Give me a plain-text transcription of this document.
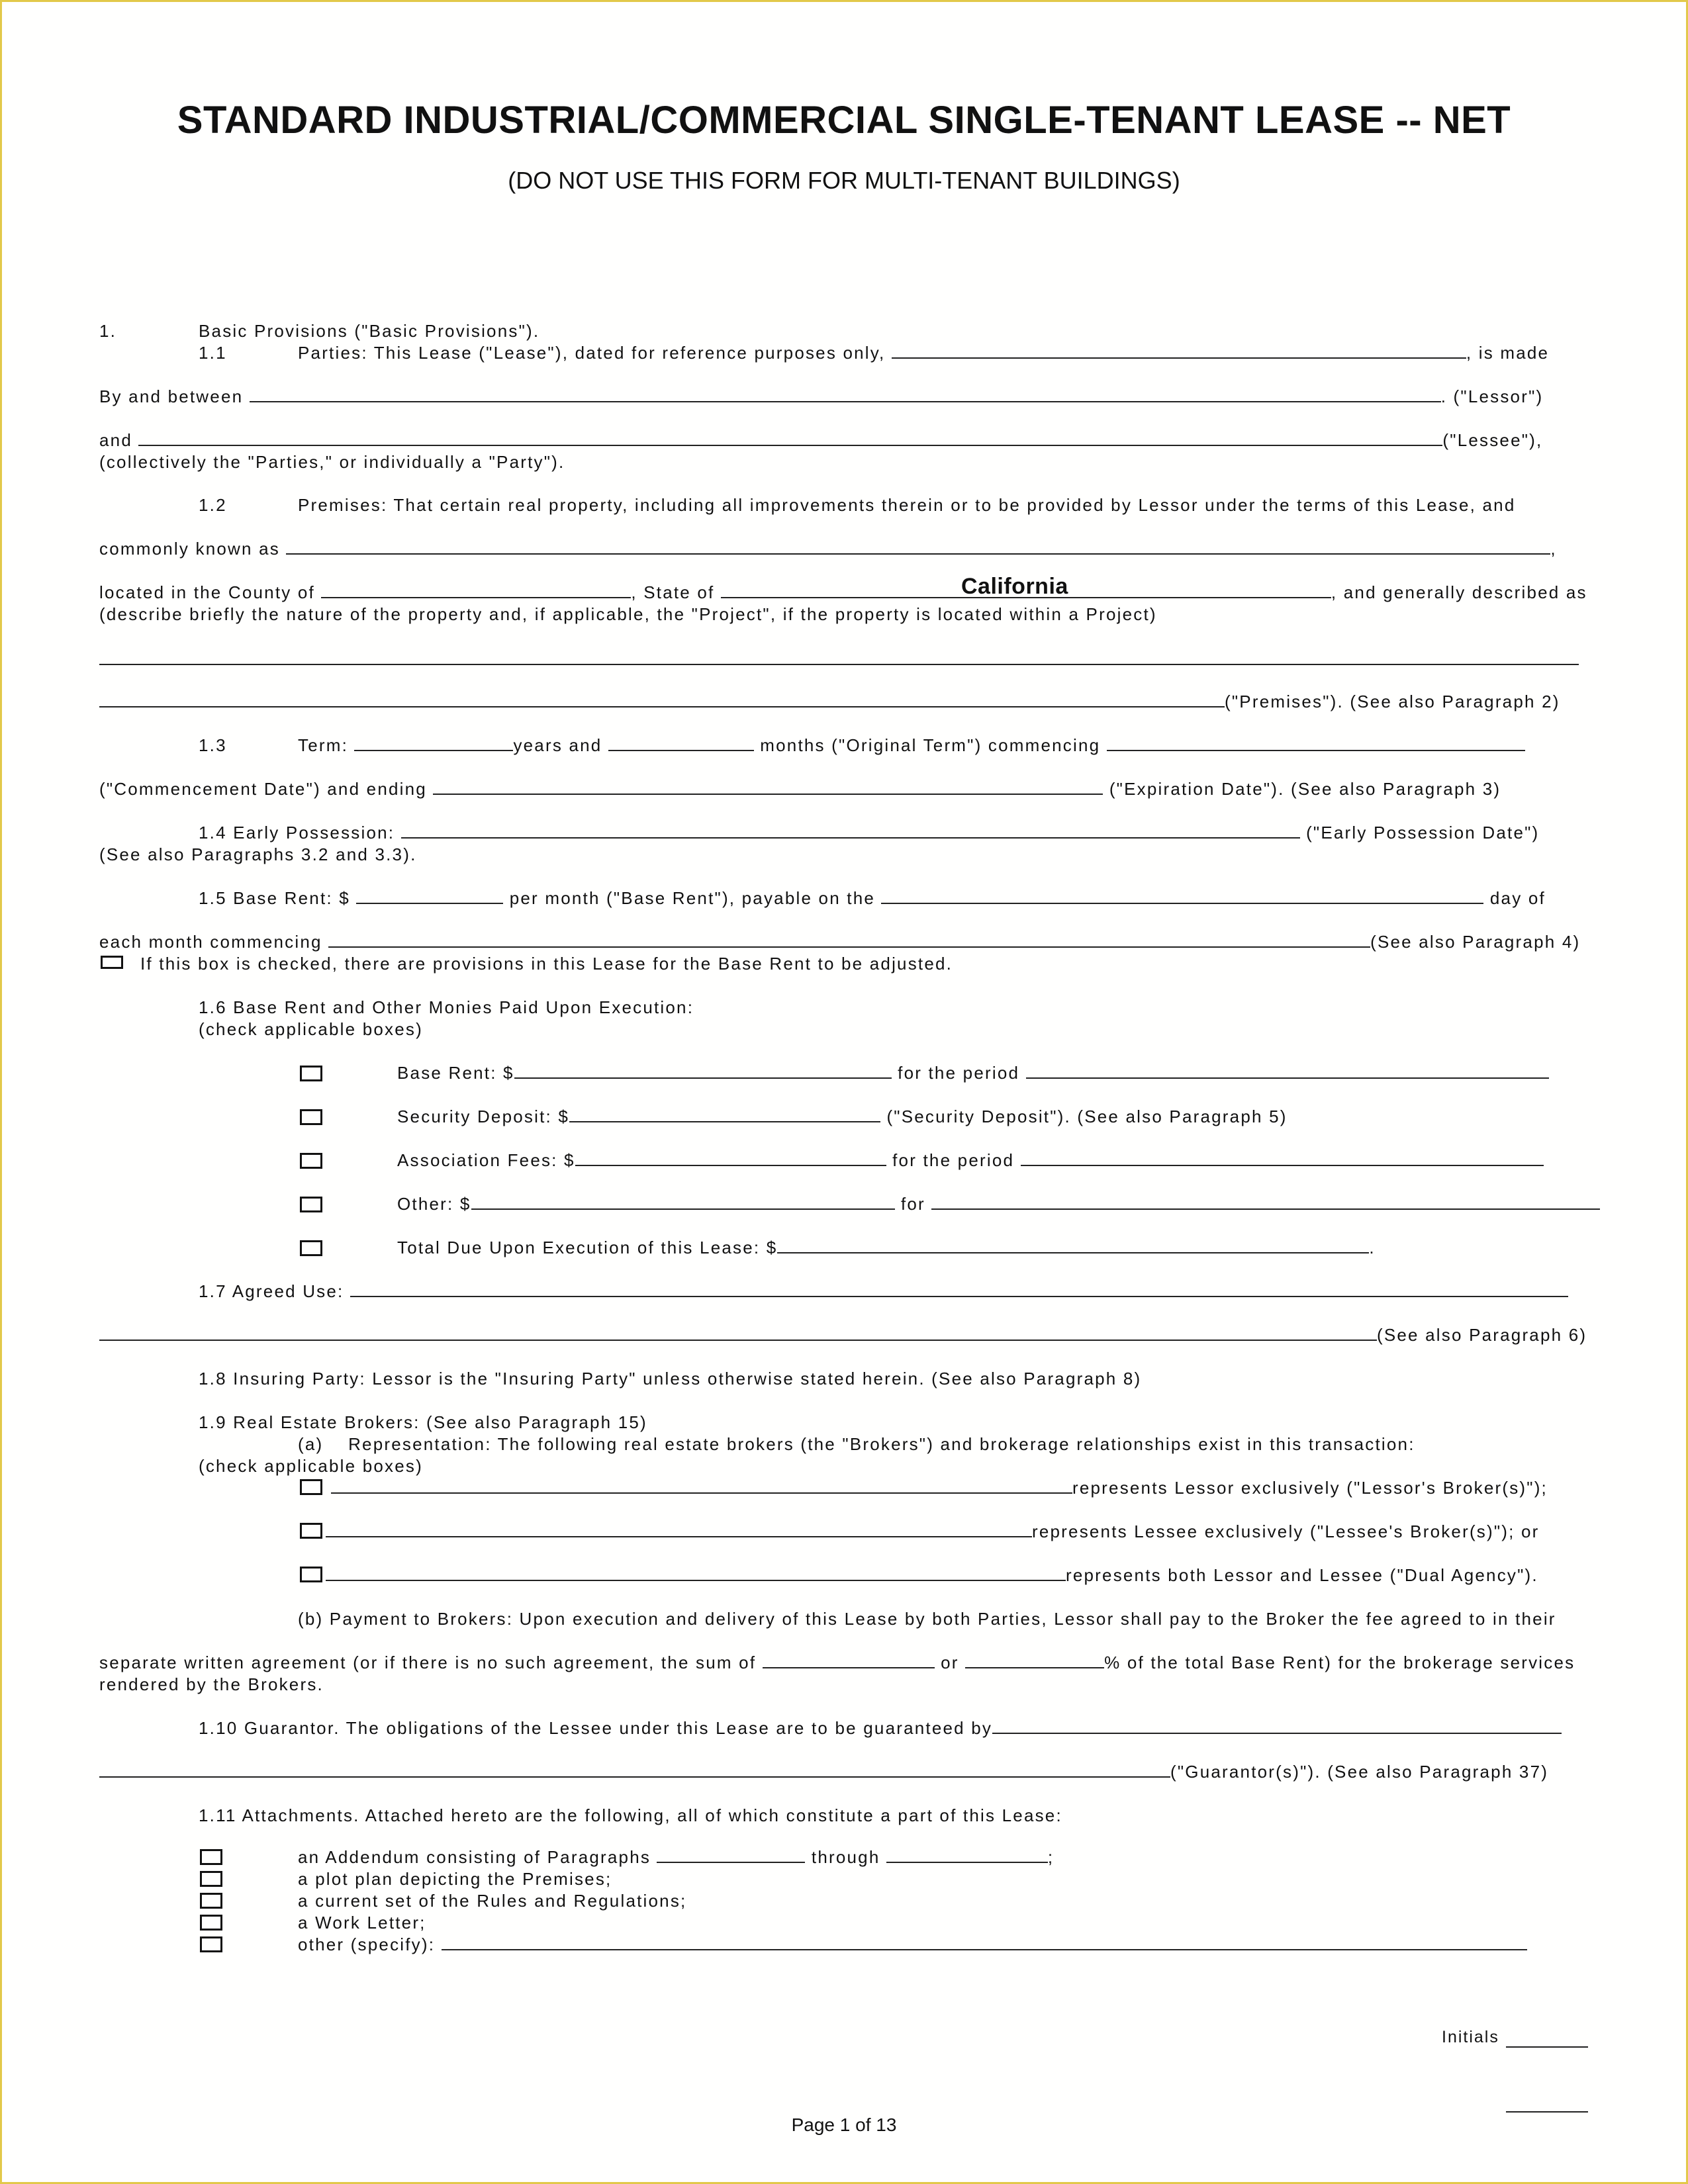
STANDARD INDUSTRIAL/COMMERCIAL SINGLE-TENANT LEASE -- NET
(DO NOT USE THIS FORM FOR MULTI-TENANT BUILDINGS)
1.	Basic Provisions ("Basic Provisions").
1.1	Parties: This Lease ("Lease"), dated for reference purposes only,	, is made
By and between	. ("Lessor")
and	("Lessee"),
(collectively the "Parties," or individually a "Party").
1.2	Premises: That certain real property, including all improvements therein or to be provided by Lessor under the terms of this Lease, and
commonly known as	,
located in the County of	, State of	, and generally described as
California
(describe briefly the nature of the property and, if applicable, the "Project", if the property is located within a Project)
("Premises"). (See also Paragraph 2)
1.3	Term:	years and	months ("Original Term") commencing
("Commencement Date") and ending	("Expiration Date"). (See also Paragraph 3)
1.4 Early Possession:	("Early Possession Date")
(See also Paragraphs 3.2 and 3.3).
1.5 Base Rent: $	per month ("Base Rent"), payable on the	day of
each month commencing	(See also Paragraph 4)
If this box is checked, there are provisions in this Lease for the Base Rent to be adjusted.
1.6 Base Rent and Other Monies Paid Upon Execution:
(check applicable boxes)
Base Rent: $	for the period
Security Deposit: $	("Security Deposit"). (See also Paragraph 5)
Association Fees: $	for the period
Other: $	for
Total Due Upon Execution of this Lease: $	.
1.7 Agreed Use:
(See also Paragraph 6)
1.8 Insuring Party: Lessor is the "Insuring Party" unless otherwise stated herein. (See also Paragraph 8)
1.9 Real Estate Brokers: (See also Paragraph 15)
(a)    Representation: The following real estate brokers (the "Brokers") and brokerage relationships exist in this transaction:
(check applicable boxes)
represents Lessor exclusively ("Lessor's Broker(s)");
represents Lessee exclusively ("Lessee's Broker(s)"); or
represents both Lessor and Lessee ("Dual Agency").
(b) Payment to Brokers: Upon execution and delivery of this Lease by both Parties, Lessor shall pay to the Broker the fee agreed to in their
separate written agreement (or if there is no such agreement, the sum of	or	% of the total Base Rent) for the brokerage services
rendered by the Brokers.
1.10 Guarantor. The obligations of the Lessee under this Lease are to be guaranteed by
("Guarantor(s)"). (See also Paragraph 37)
1.11 Attachments. Attached hereto are the following, all of which constitute a part of this Lease:
an Addendum consisting of Paragraphs	through	;
a plot plan depicting the Premises;
a current set of the Rules and Regulations;
a Work Letter;
other (specify):
Initials
Page 1 of 13
